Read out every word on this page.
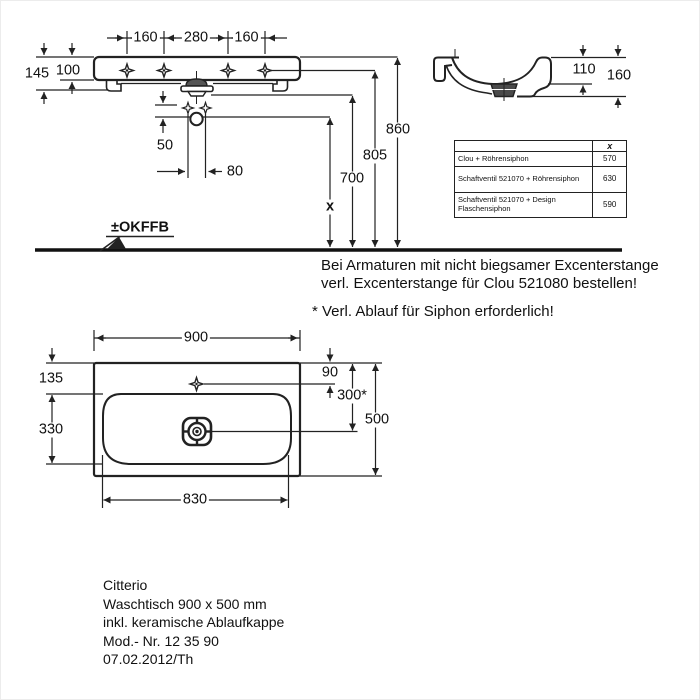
160 280 160
145 100
50
80
x
700
805
860
±OKFFB
110 160
900
135
330
90
300*
500
830
	x
Clou + Röhrensiphon	570
Schaftventil 521070 + Röhrensiphon	630
Schaftventil 521070 + Design Flaschensiphon	590
Bei Armaturen mit nicht biegsamer Excenterstange
verl. Excenterstange für Clou 521080 bestellen!
* Verl. Ablauf für Siphon erforderlich!
Citterio
Waschtisch 900 x 500 mm
inkl. keramische Ablaufkappe
Mod.- Nr. 12 35 90
07.02.2012/Th
